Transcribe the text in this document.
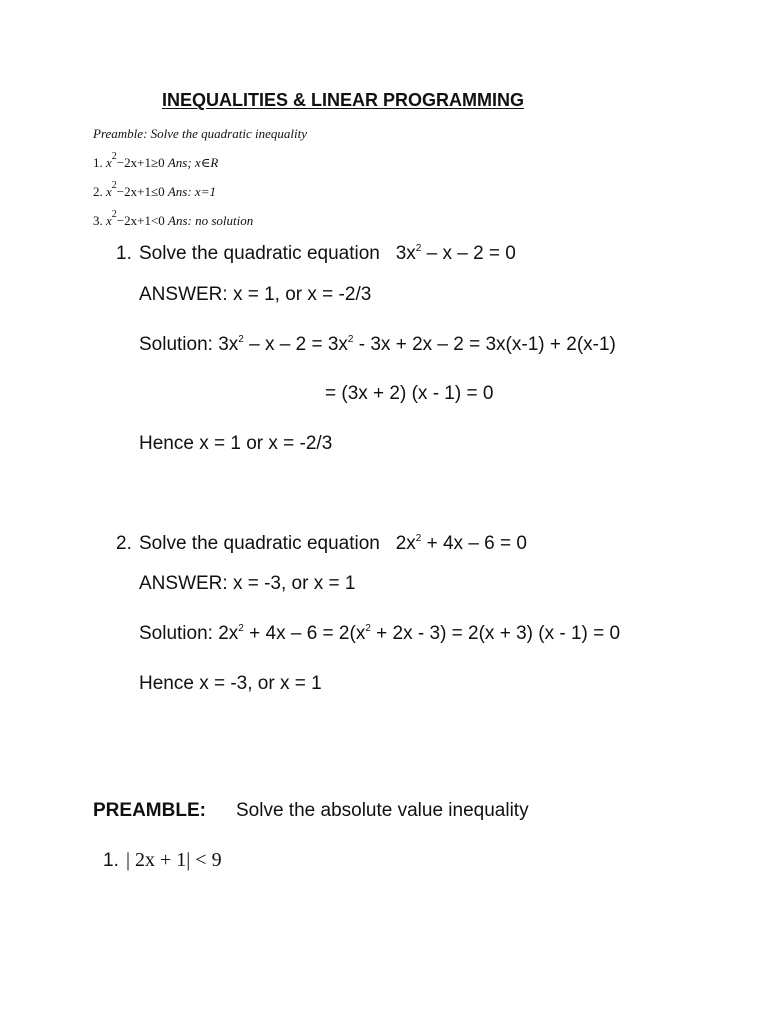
INEQUALITIES & LINEAR PROGRAMMING
Preamble: Solve the quadratic inequality
1. $x^2-2x+1\ge 0$ Ans; x∈R
2. $x^2-2x+1\le 0$ Ans: x=1
3. $x^2-2x+1<0$ Ans: no solution
1. Solve the quadratic equation $3x^2 - x - 2 = 0$
ANSWER: x = 1, or x = -2/3
Solution: $3x^2 - x - 2 = 3x^2 - 3x + 2x - 2 = 3x(x-1) + 2(x-1)$
= (3x + 2) (x - 1) = 0
Hence x = 1 or x = -2/3
2. Solve the quadratic equation $2x^2 + 4x - 6 = 0$
ANSWER: x = -3, or x = 1
Solution: $2x^2 + 4x - 6 = 2(x^2 + 2x - 3) = 2(x + 3)$ (x - 1) = 0
Hence x = -3, or x = 1
PREAMBLE: Solve the absolute value inequality
1. | 2x + 1| < 9
